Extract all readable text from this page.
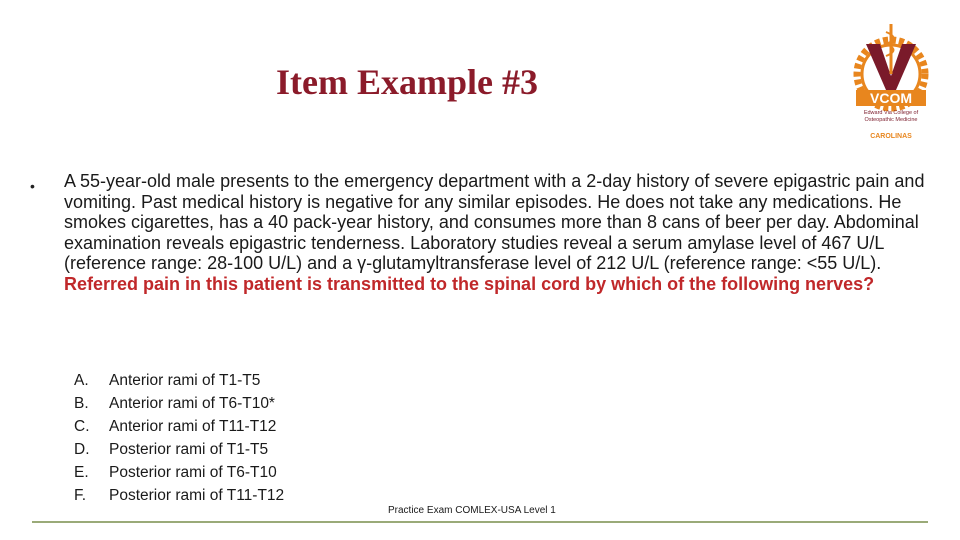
Item Example #3	VCOM
Edward Via College of
Osteopathic Medicine
CAROLINAS
• A 55-year-old male presents to the emergency department with a 2-day history of severe epigastric pain and vomiting. Past medical history is negative for any similar episodes. He does not take any medications. He smokes cigarettes, has a 40 pack-year history, and consumes more than 8 cans of beer per day. Abdominal examination reveals epigastric tenderness. Laboratory studies reveal a serum amylase level of 467 U/L (reference range: 28-100 U/L) and a γ-glutamyltransferase level of 212 U/L (reference range: <55 U/L). Referred pain in this patient is transmitted to the spinal cord by which of the following nerves?
A.	Anterior rami of T1-T5
B.	Anterior rami of T6-T10*
C.	Anterior rami of T11-T12
D.	Posterior rami of T1-T5
E.	Posterior rami of T6-T10
F.	Posterior rami of T11-T12
Practice Exam COMLEX-USA Level 1
